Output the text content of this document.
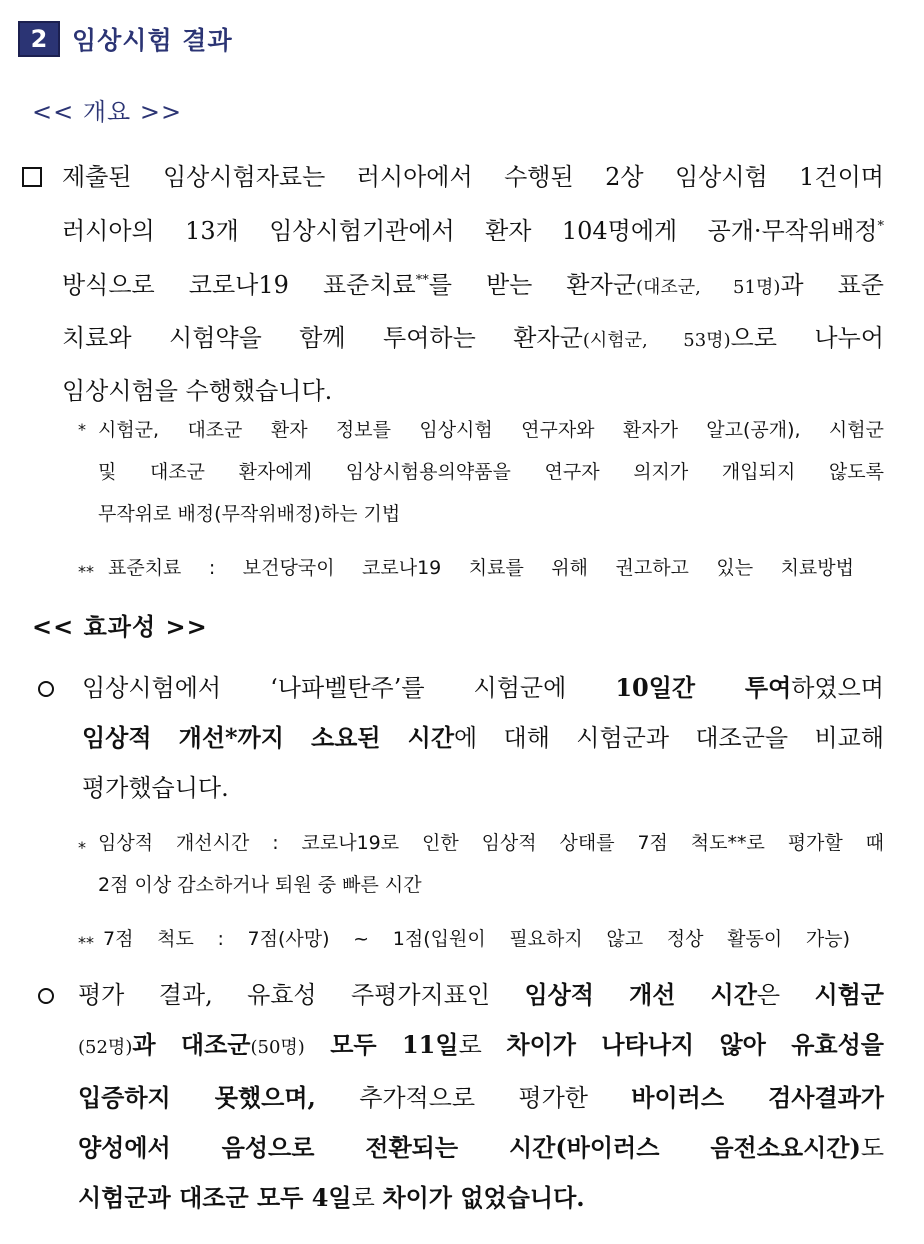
2 임상시험 결과
<< 개요 >>
제출된 임상시험자료는 러시아에서 수행된 2상 임상시험 1건이며
러시아의 13개 임상시험기관에서 환자 104명에게 공개·무작위배정*
방식으로 코로나19 표준치료**를 받는 환자군(대조군, 51명)과 표준
치료와 시험약을 함께 투여하는 환자군(시험군, 53명)으로 나누어
임상시험을 수행했습니다.
* 시험군, 대조군 환자 정보를 임상시험 연구자와 환자가 알고(공개), 시험군
및 대조군 환자에게 임상시험용의약품을 연구자 의지가 개입되지 않도록
무작위로 배정(무작위배정)하는 기법
** 표준치료 : 보건당국이 코로나19 치료를 위해 권고하고 있는 치료방법
<< 효과성 >>
임상시험에서 ‘나파벨탄주’를 시험군에 10일간 투여하였으며
임상적 개선*까지 소요된 시간에 대해 시험군과 대조군을 비교해
평가했습니다.
* 임상적 개선시간 : 코로나19로 인한 임상적 상태를 7점 척도**로 평가할 때
2점 이상 감소하거나 퇴원 중 빠른 시간
** 7점 척도 : 7점(사망) ~ 1점(입원이 필요하지 않고 정상 활동이 가능)
평가 결과, 유효성 주평가지표인 임상적 개선 시간은 시험군
(52명)과 대조군(50명) 모두 11일로 차이가 나타나지 않아 유효성을
입증하지 못했으며, 추가적으로 평가한 바이러스 검사결과가
양성에서 음성으로 전환되는 시간(바이러스 음전소요시간)도
시험군과 대조군 모두 4일로 차이가 없었습니다.
